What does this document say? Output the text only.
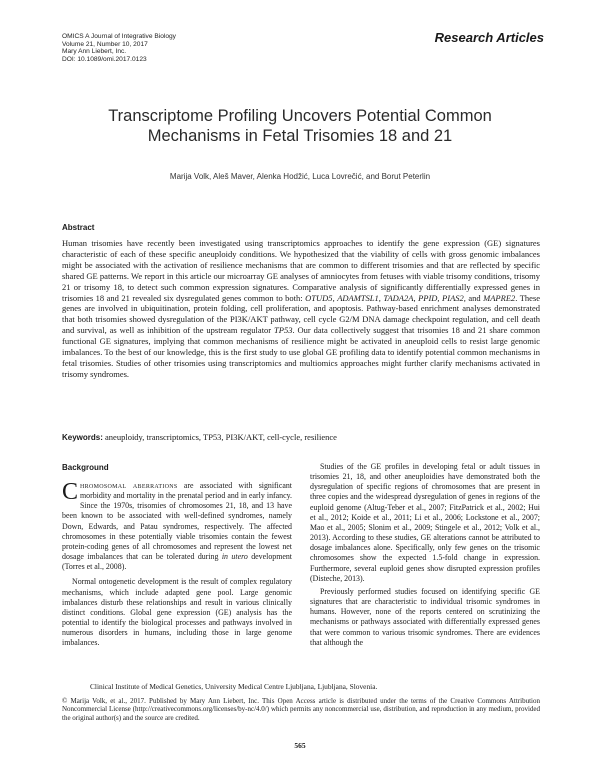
OMICS A Journal of Integrative Biology
Volume 21, Number 10, 2017
Mary Ann Liebert, Inc.
DOI: 10.1089/omi.2017.0123
Research Articles
Transcriptome Profiling Uncovers Potential Common
Mechanisms in Fetal Trisomies 18 and 21
Marija Volk, Aleš Maver, Alenka Hodžić, Luca Lovrečić, and Borut Peterlin
Abstract
Human trisomies have recently been investigated using transcriptomics approaches to identify the gene expression (GE) signatures characteristic of each of these specific aneuploidy conditions. We hypothesized that the viability of cells with gross genomic imbalances might be associated with the activation of resilience mechanisms that are common to different trisomies and that are reflected by specific shared GE patterns. We report in this article our microarray GE analyses of amniocytes from fetuses with viable trisomy conditions, trisomy 21 or trisomy 18, to detect such common expression signatures. Comparative analysis of significantly differentially expressed genes in trisomies 18 and 21 revealed six dysregulated genes common to both: OTUD5, ADAMTSL1, TADA2A, PPID, PIAS2, and MAPRE2. These genes are involved in ubiquitination, protein folding, cell proliferation, and apoptosis. Pathway-based enrichment analyses demonstrated that both trisomies showed dysregulation of the PI3K/AKT pathway, cell cycle G2/M DNA damage checkpoint regulation, and cell death and survival, as well as inhibition of the upstream regulator TP53. Our data collectively suggest that trisomies 18 and 21 share common functional GE signatures, implying that common mechanisms of resilience might be activated in aneuploid cells to resist large genomic imbalances. To the best of our knowledge, this is the first study to use global GE profiling data to identify potential common mechanisms in fetal trisomies. Studies of other trisomies using transcriptomics and multiomics approaches might further clarify mechanisms activated in trisomy syndromes.
Keywords: aneuploidy, transcriptomics, TP53, PI3K/AKT, cell-cycle, resilience
Background

Chromosomal aberrations are associated with significant morbidity and mortality in the prenatal period and in early infancy. Since the 1970s, trisomies of chromosomes 21, 18, and 13 have been known to be associated with well-defined syndromes, namely Down, Edwards, and Patau syndromes, respectively. The affected chromosomes in these potentially viable trisomies contain the fewest protein-coding genes of all chromosomes and represent the lowest net dosage imbalances that can be tolerated during in utero development (Torres et al., 2008).

Normal ontogenetic development is the result of complex regulatory mechanisms, which include adapted gene pool. Large genomic imbalances disturb these relationships and result in various clinically distinct conditions. Global gene expression (GE) analysis has the potential to identify the biological processes and pathways involved in numerous disorders in humans, including those in large genome imbalances.

Studies of the GE profiles in developing fetal or adult tissues in trisomies 21, 18, and other aneuploidies have demonstrated both the dysregulation of specific regions of chromosomes that are present in three copies and the widespread dysregulation of genes in regions of the euploid genome (Altug-Teber et al., 2007; FitzPatrick et al., 2002; Hui et al., 2012; Koide et al., 2011; Li et al., 2006; Lockstone et al., 2007; Mao et al., 2005; Slonim et al., 2009; Stingele et al., 2012; Volk et al., 2013). According to these studies, GE alterations cannot be attributed to dosage imbalances alone. Specifically, only few genes on the trisomic chromosomes show the expected 1.5-fold change in expression. Furthermore, several euploid genes show disrupted expression profiles (Disteche, 2013).

Previously performed studies focused on identifying specific GE signatures that are characteristic to individual trisomic syndromes in humans. However, none of the reports centered on scrutinizing the mechanisms or pathways associated with differentially expressed genes that were common to various trisomic syndromes. There are evidences that although the

Clinical Institute of Medical Genetics, University Medical Centre Ljubljana, Ljubljana, Slovenia.
© Marija Volk, et al., 2017. Published by Mary Ann Liebert, Inc. This Open Access article is distributed under the terms of the Creative Commons Attribution Noncommercial License (http://creativecommons.org/licenses/by-nc/4.0/) which permits any noncommercial use, distribution, and reproduction in any medium, provided the original author(s) and the source are credited.
565
